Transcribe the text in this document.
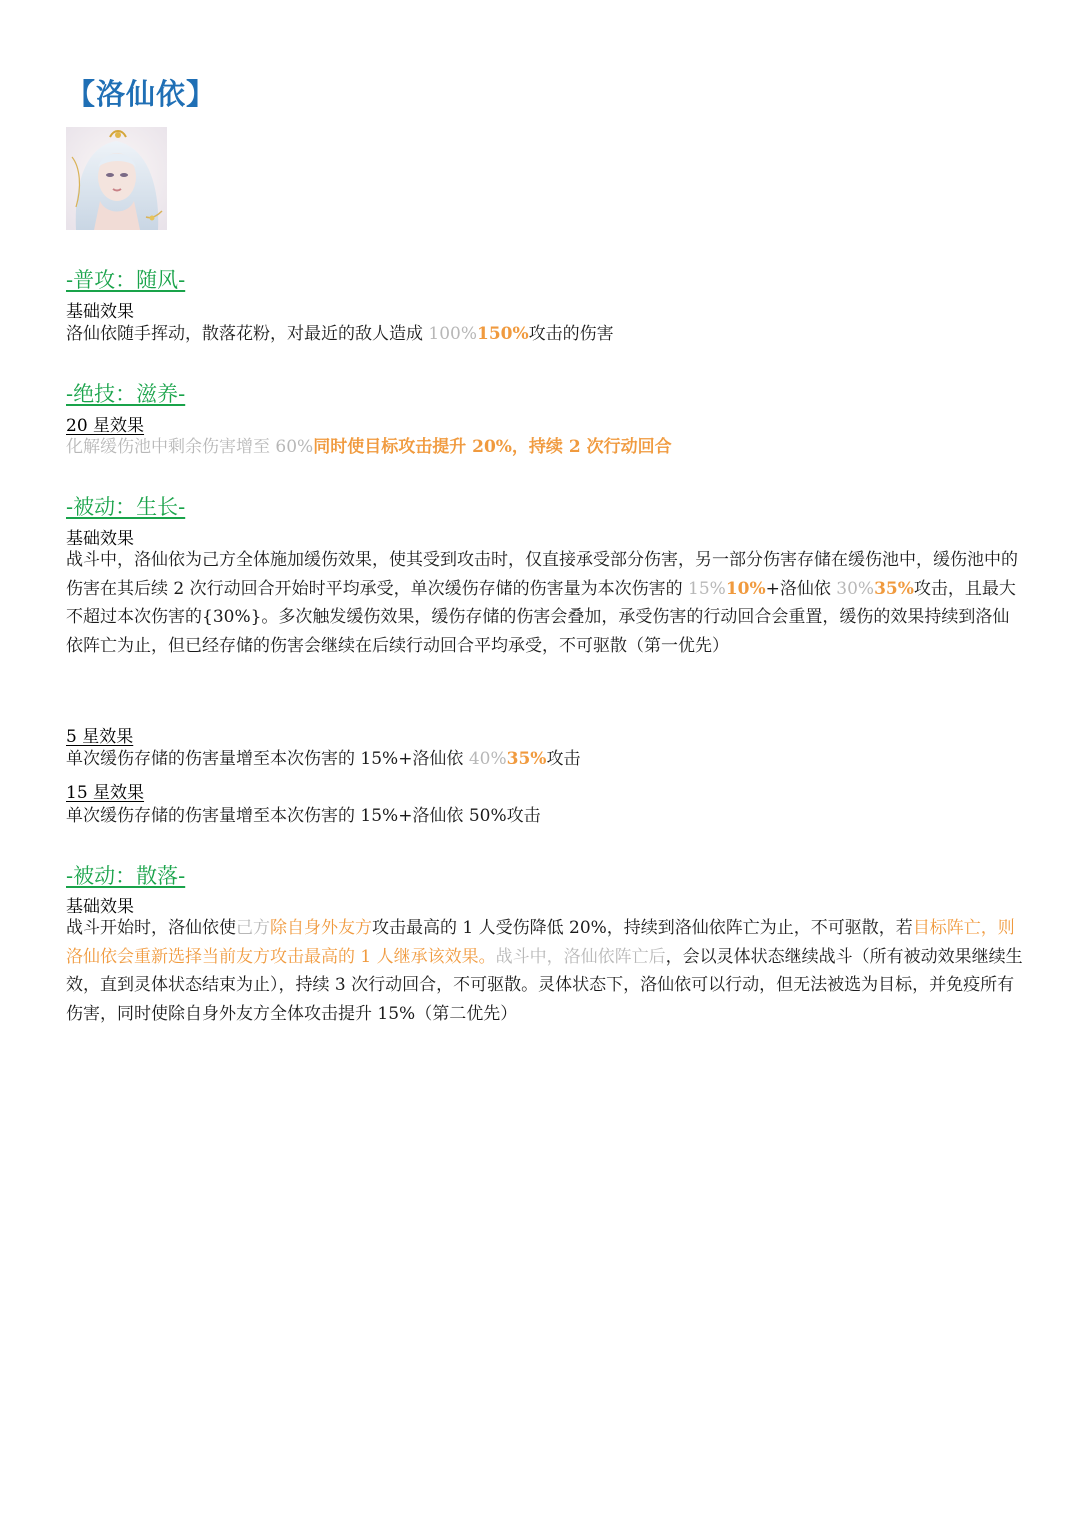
【洛仙依】
-普攻：随风-

基础效果

洛仙依随手挥动，散落花粉，对最近的敌人造成 100%150%攻击的伤害

-绝技：滋养-

20 星效果

化解缓伤池中剩余伤害增至 60%同时使目标攻击提升 20%，持续 2 次行动回合

-被动：生长-

基础效果

战斗中，洛仙依为己方全体施加缓伤效果，使其受到攻击时，仅直接承受部分伤害，另一部分伤害存储在缓伤池中，缓伤池中的伤害在其后续 2 次行动回合开始时平均承受，单次缓伤存储的伤害量为本次伤害的 15%10%+洛仙依 30%35%攻击，且最大不超过本次伤害的{30%}。多次触发缓伤效果，缓伤存储的伤害会叠加，承受伤害的行动回合会重置，缓伤的效果持续到洛仙依阵亡为止，但已经存储的伤害会继续在后续行动回合平均承受，不可驱散（第一优先）

5 星效果

单次缓伤存储的伤害量增至本次伤害的 15%+洛仙依 40%35%攻击

15 星效果

单次缓伤存储的伤害量增至本次伤害的 15%+洛仙依 50%攻击

-被动：散落-

基础效果

战斗开始时，洛仙依使己方除自身外友方攻击最高的 1 人受伤降低 20%，持续到洛仙依阵亡为止，不可驱散，若目标阵亡，则洛仙依会重新选择当前友方攻击最高的 1 人继承该效果。战斗中，洛仙依阵亡后，会以灵体状态继续战斗（所有被动效果继续生效，直到灵体状态结束为止），持续 3 次行动回合，不可驱散。灵体状态下，洛仙依可以行动，但无法被选为目标，并免疫所有伤害，同时使除自身外友方全体攻击提升 15%（第二优先）
